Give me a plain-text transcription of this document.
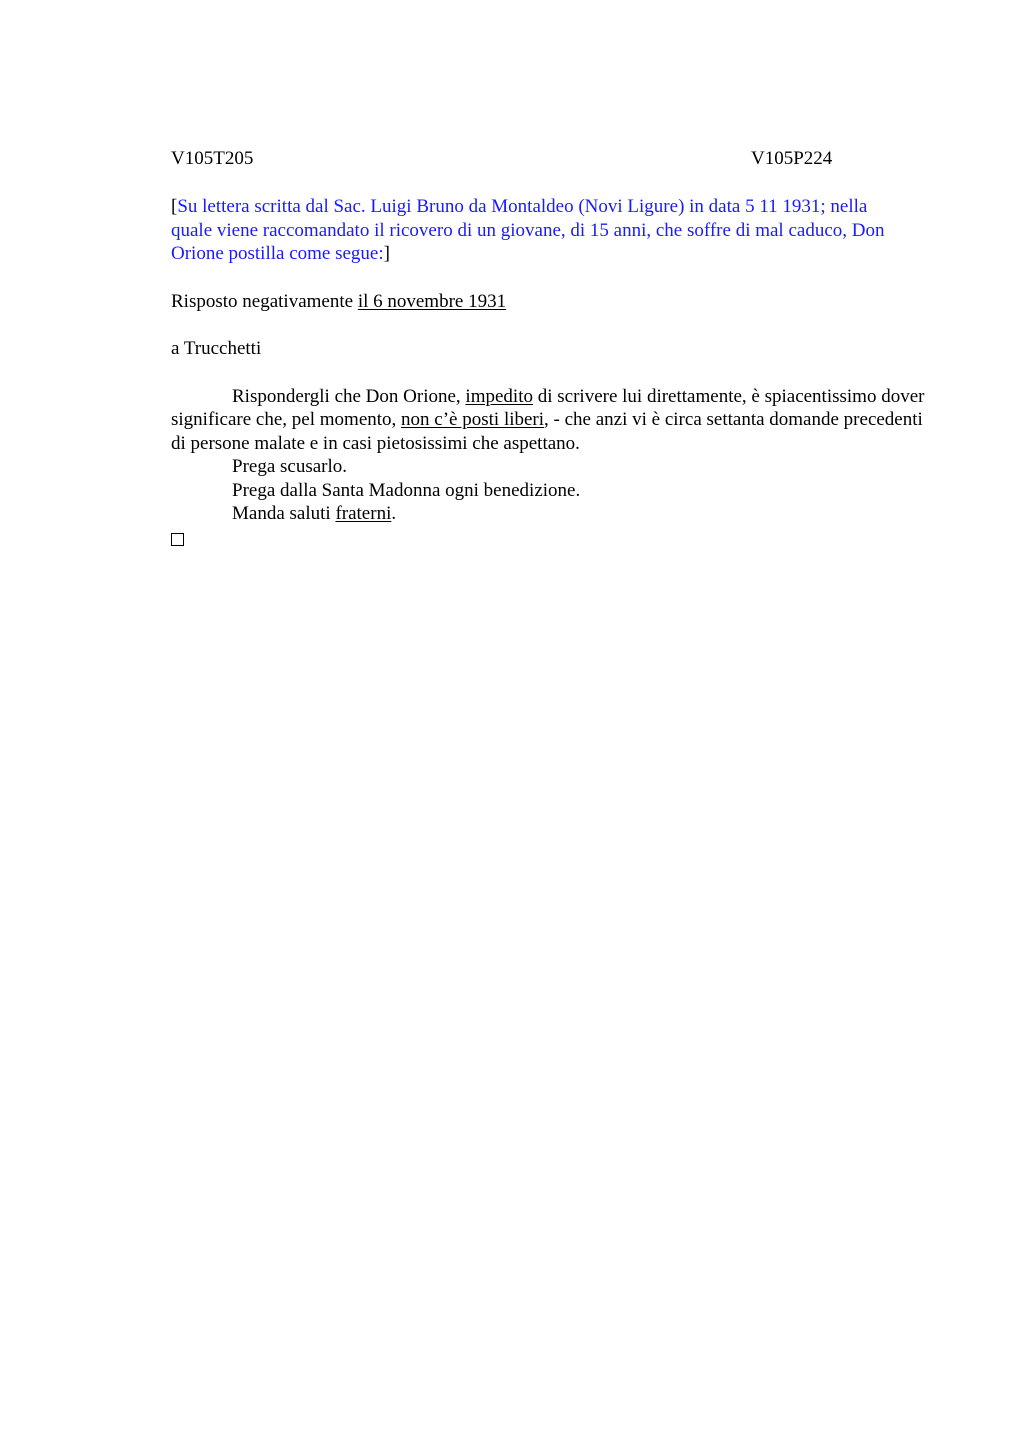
V105T205	V105P224

[Su lettera scritta dal Sac. Luigi Bruno da Montaldeo (Novi Ligure) in data 5 11 1931; nella quale viene raccomandato il ricovero di un giovane, di 15 anni, che soffre di mal caduco, Don Orione postilla come segue:]

Risposto negativamente il 6 novembre 1931

a Trucchetti

Rispondergli che Don Orione, impedito di scrivere lui direttamente, è spiacentissimo dover significare che, pel momento, non c’è posti liberi, - che anzi vi è circa settanta domande precedenti di persone malate e in casi pietosissimi che aspettano.

Prega scusarlo.

Prega dalla Santa Madonna ogni benedizione.

Manda saluti fraterni.
